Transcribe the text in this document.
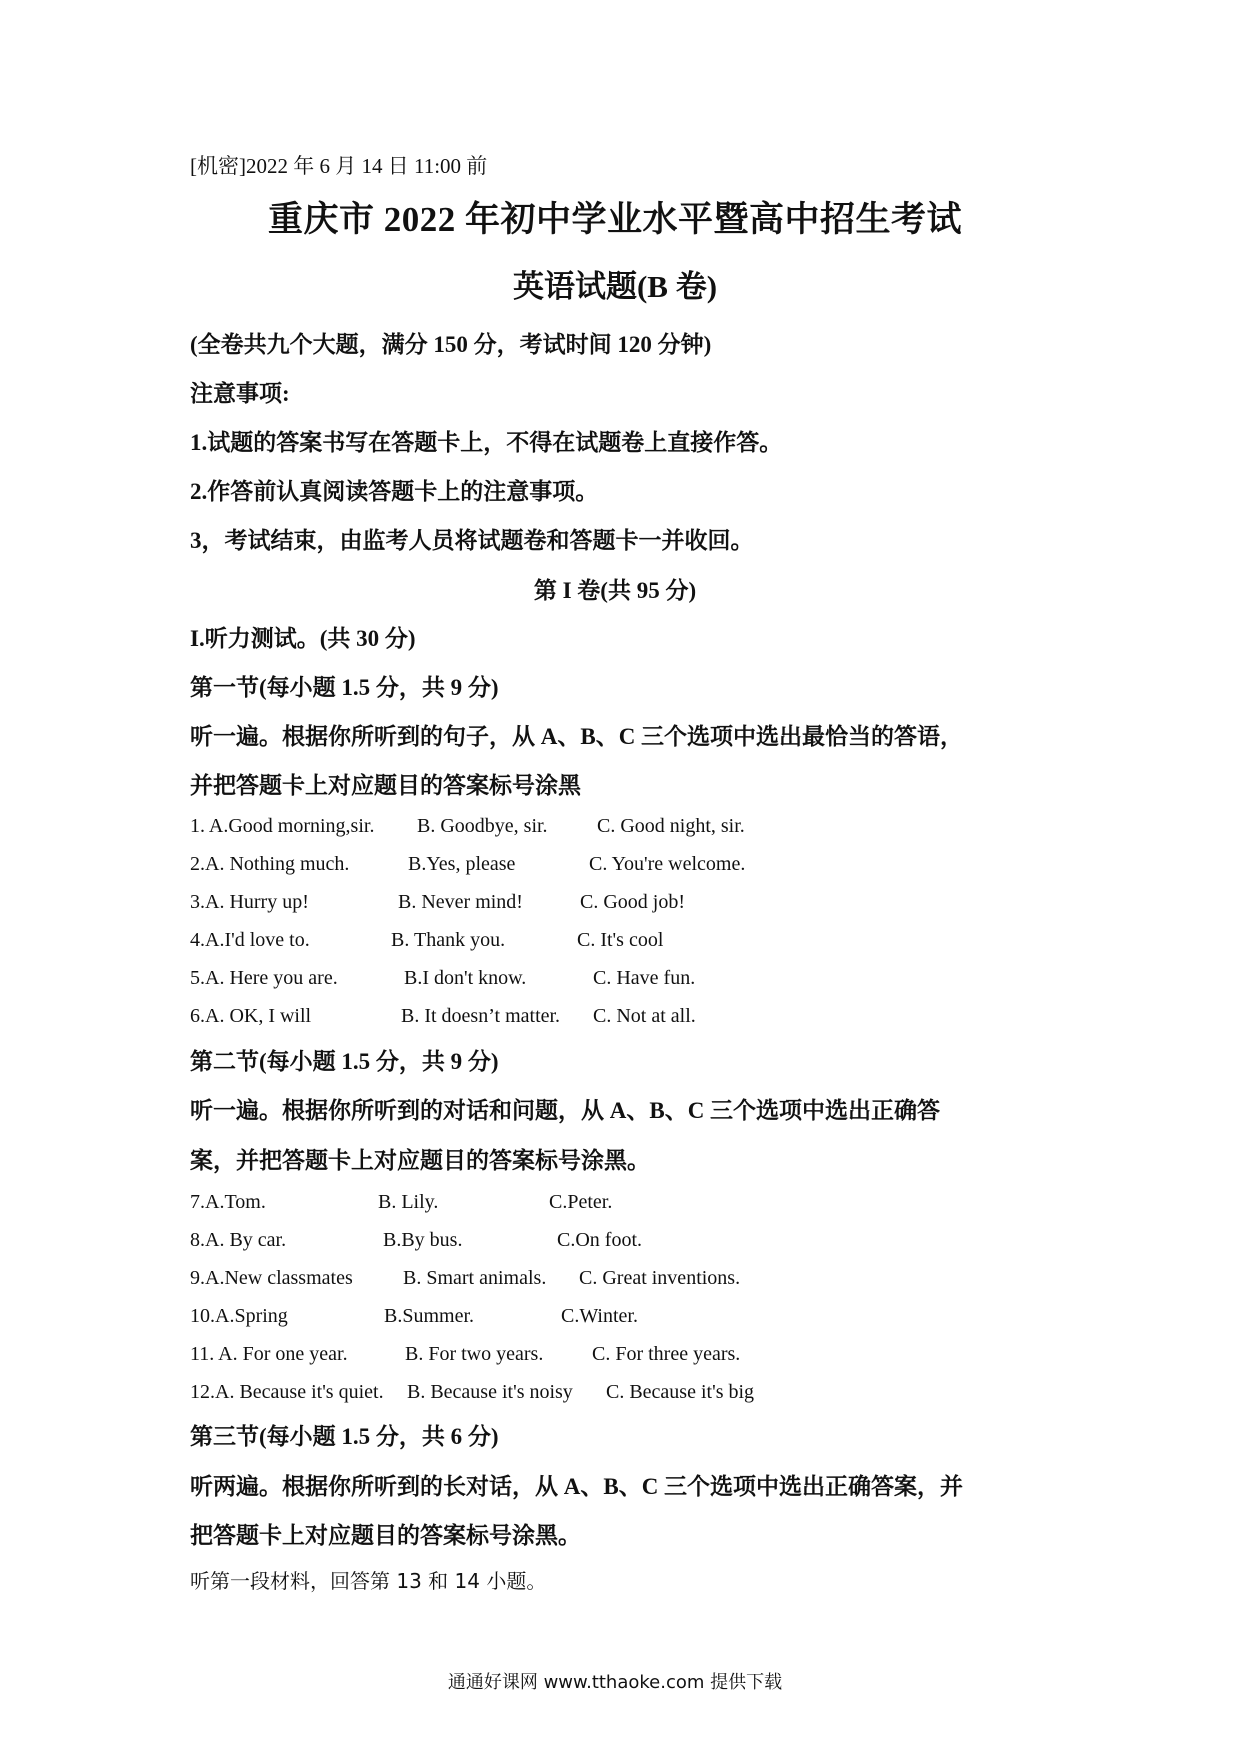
[机密]2022 年 6 月 14 日 11:00 前
重庆市 2022 年初中学业水平暨高中招生考试
英语试题(B 卷)
(全卷共九个大题，满分 150 分，考试时间 120 分钟)
注意事项:
1.试题的答案书写在答题卡上，不得在试题卷上直接作答。
2.作答前认真阅读答题卡上的注意事项。
3，考试结束，由监考人员将试题卷和答题卡一并收回。
第 I 卷(共 95 分)
I.听力测试。(共 30 分)
第一节(每小题 1.5 分，共 9 分)
听一遍。根据你所听到的句子，从 A、B、C 三个选项中选出最恰当的答语，
并把答题卡上对应题目的答案标号涂黑
1. A.Good morning,sir. B. Goodbye, sir. C. Good night, sir.
2.A. Nothing much.	B.Yes, please	C. You're welcome.
3.A. Hurry up!	B. Never mind!	C. Good job!
4.A.I'd love to.	B. Thank you.	C. It's cool
5.A. Here you are.	B.I don't know.	C. Have fun.
6.A. OK, I will	B. It doesn’t matter. C. Not at all.
第二节(每小题 1.5 分，共 9 分)
听一遍。根据你所听到的对话和问题，从 A、B、C 三个选项中选出正确答
案，并把答题卡上对应题目的答案标号涂黑。
7.A.Tom.	B. Lily.	C.Peter.
8.A. By car.	B.By bus.	C.On foot.
9.A.New classmates	B. Smart animals. C. Great inventions.
10.A.Spring	B.Summer.	C.Winter.
11. A. For one year.	B. For two years. C. For three years.
12.A. Because it's quiet. B. Because it's noisy C. Because it's big
第三节(每小题 1.5 分，共 6 分)
听两遍。根据你所听到的长对话，从 A、B、C 三个选项中选出正确答案，并
把答题卡上对应题目的答案标号涂黑。
听第一段材料，回答第 13 和 14 小题。
通通好课网 www.tthaoke.com 提供下载
